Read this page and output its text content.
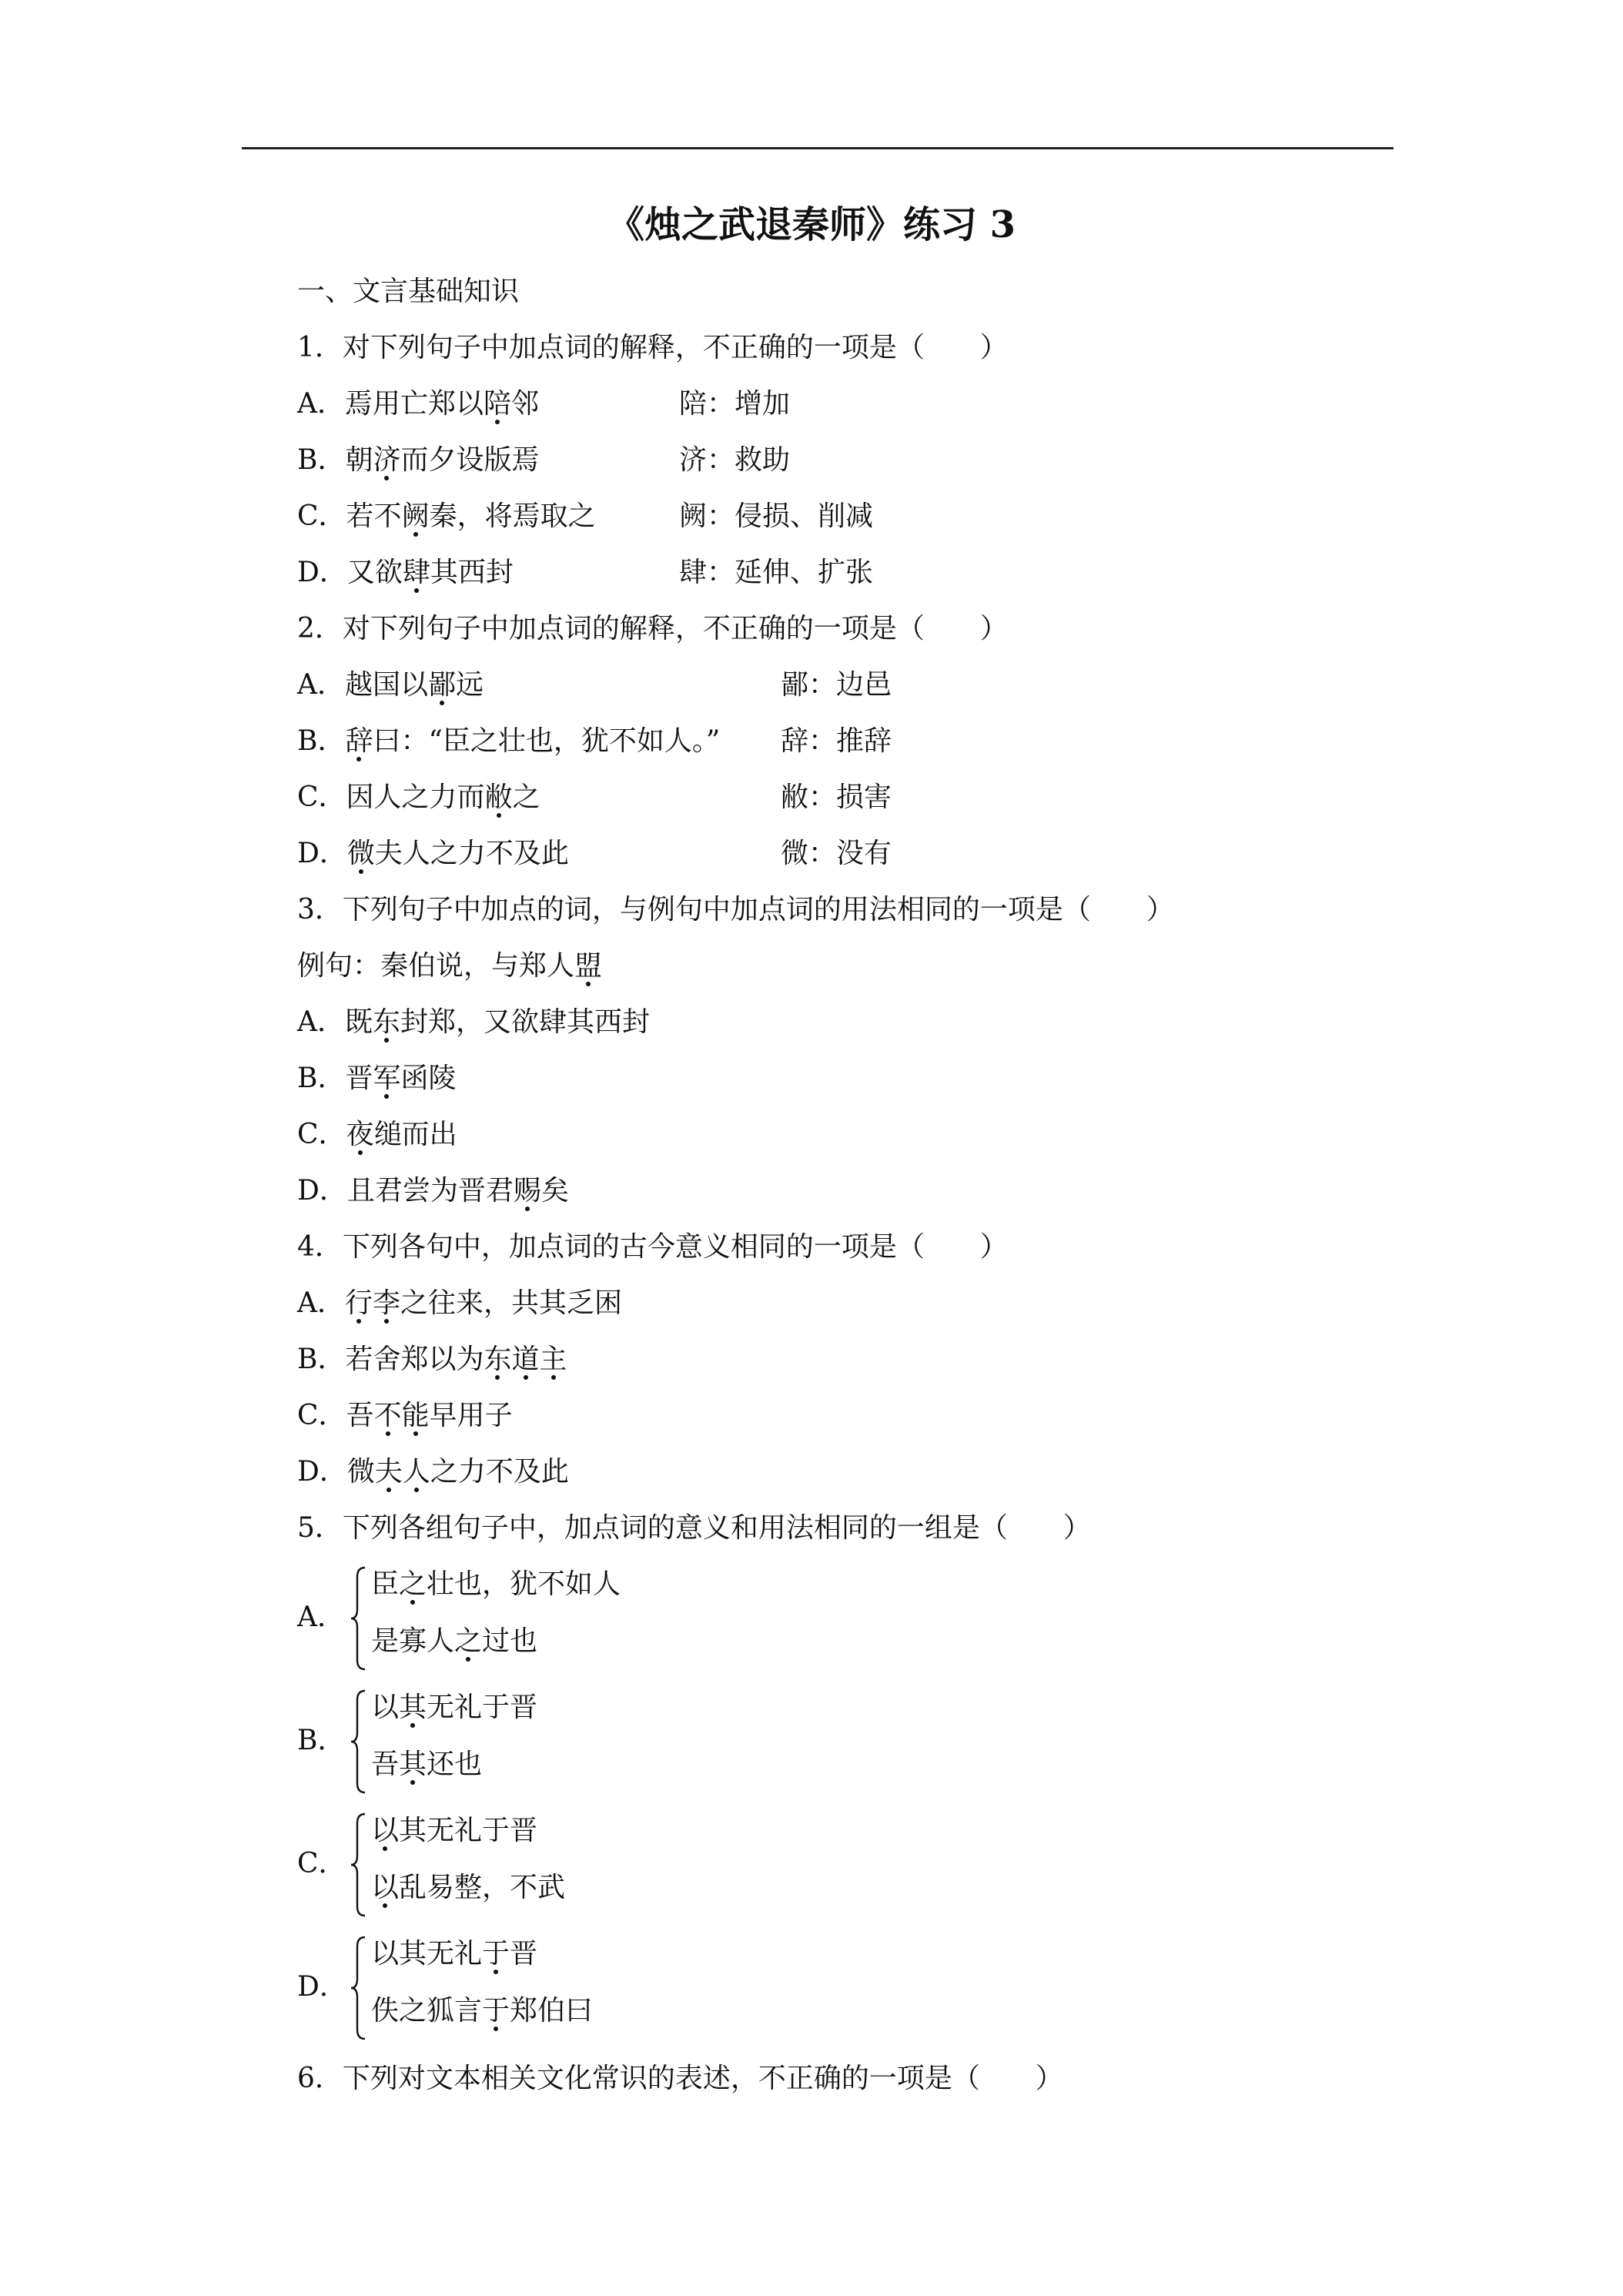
《烛之武退秦师》练习 3
一、文言基础知识
1．对下列句子中加点词的解释，不正确的一项是（　　）
A．焉用亡郑以陪邻	陪：增加
B．朝济而夕设版焉	济：救助
C．若不阙秦，将焉取之	阙：侵损、削减
D．又欲肆其西封	肆：延伸、扩张
2．对下列句子中加点词的解释，不正确的一项是（　　）
A．越国以鄙远	鄙：边邑
B．辞曰：“臣之壮也，犹不如人。” 辞：推辞
C．因人之力而敝之	敝：损害
D．微夫人之力不及此	微：没有
3．下列句子中加点的词，与例句中加点词的用法相同的一项是（　　）
例句：秦伯说，与郑人盟
A．既东封郑，又欲肆其西封
B．晋军函陵
C．夜缒而出
D．且君尝为晋君赐矣
4．下列各句中，加点词的古今意义相同的一项是（　　）
A．行李之往来，共其乏困
B．若舍郑以为东道主
C．吾不能早用子
D．微夫人之力不及此
5．下列各组句子中，加点词的意义和用法相同的一组是（　　）
A．
臣之壮也，犹不如人
是寡人之过也
B．
以其无礼于晋
吾其还也
C．
以其无礼于晋
以乱易整，不武
D．
以其无礼于晋
佚之狐言于郑伯曰
6．下列对文本相关文化常识的表述，不正确的一项是（　　）
